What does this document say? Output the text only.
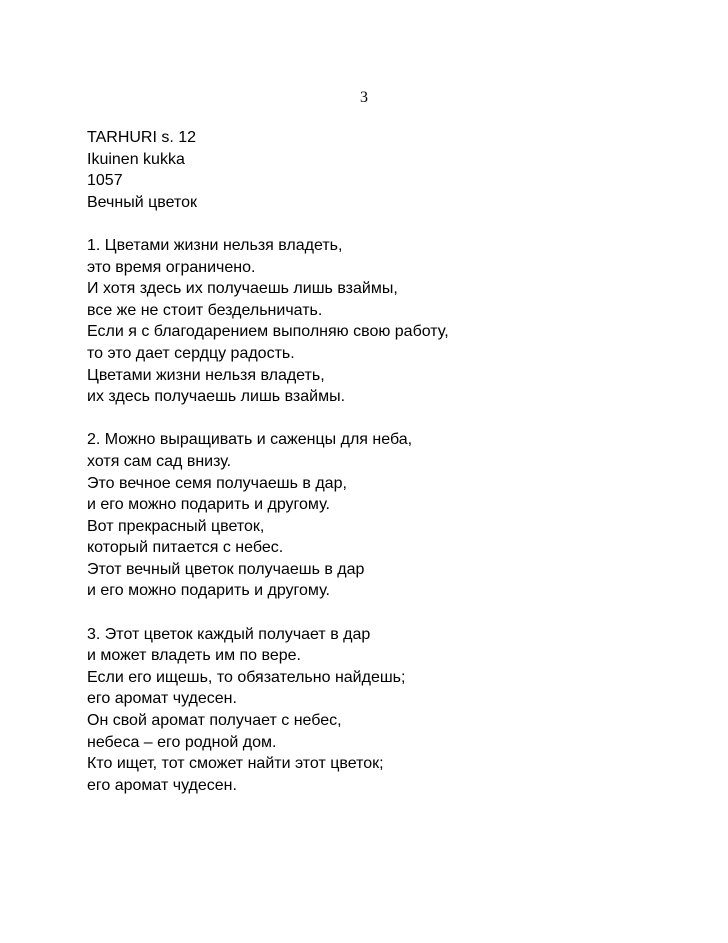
3
TARHURI s. 12
Ikuinen kukka
1057
Вечный цветок
1. Цветами жизни нельзя владеть,
это время ограничено.
И хотя здесь их получаешь лишь взаймы,
все же не стоит бездельничать.
Если я с благодарением выполняю свою работу,
то это дает сердцу радость.
Цветами жизни нельзя владеть,
их здесь получаешь лишь взаймы.
2. Можно выращивать и саженцы для неба,
хотя сам сад внизу.
Это вечное семя получаешь в дар,
и его можно подарить и другому.
Вот прекрасный цветок,
который питается с небес.
Этот вечный цветок получаешь в дар
и его можно подарить и другому.
3. Этот цветок каждый получает в дар
и может владеть им по вере.
Если его ищешь, то обязательно найдешь;
его аромат чудесен.
Он свой аромат получает с небес,
небеса – его родной дом.
Кто ищет, тот сможет найти этот цветок;
его аромат чудесен.
